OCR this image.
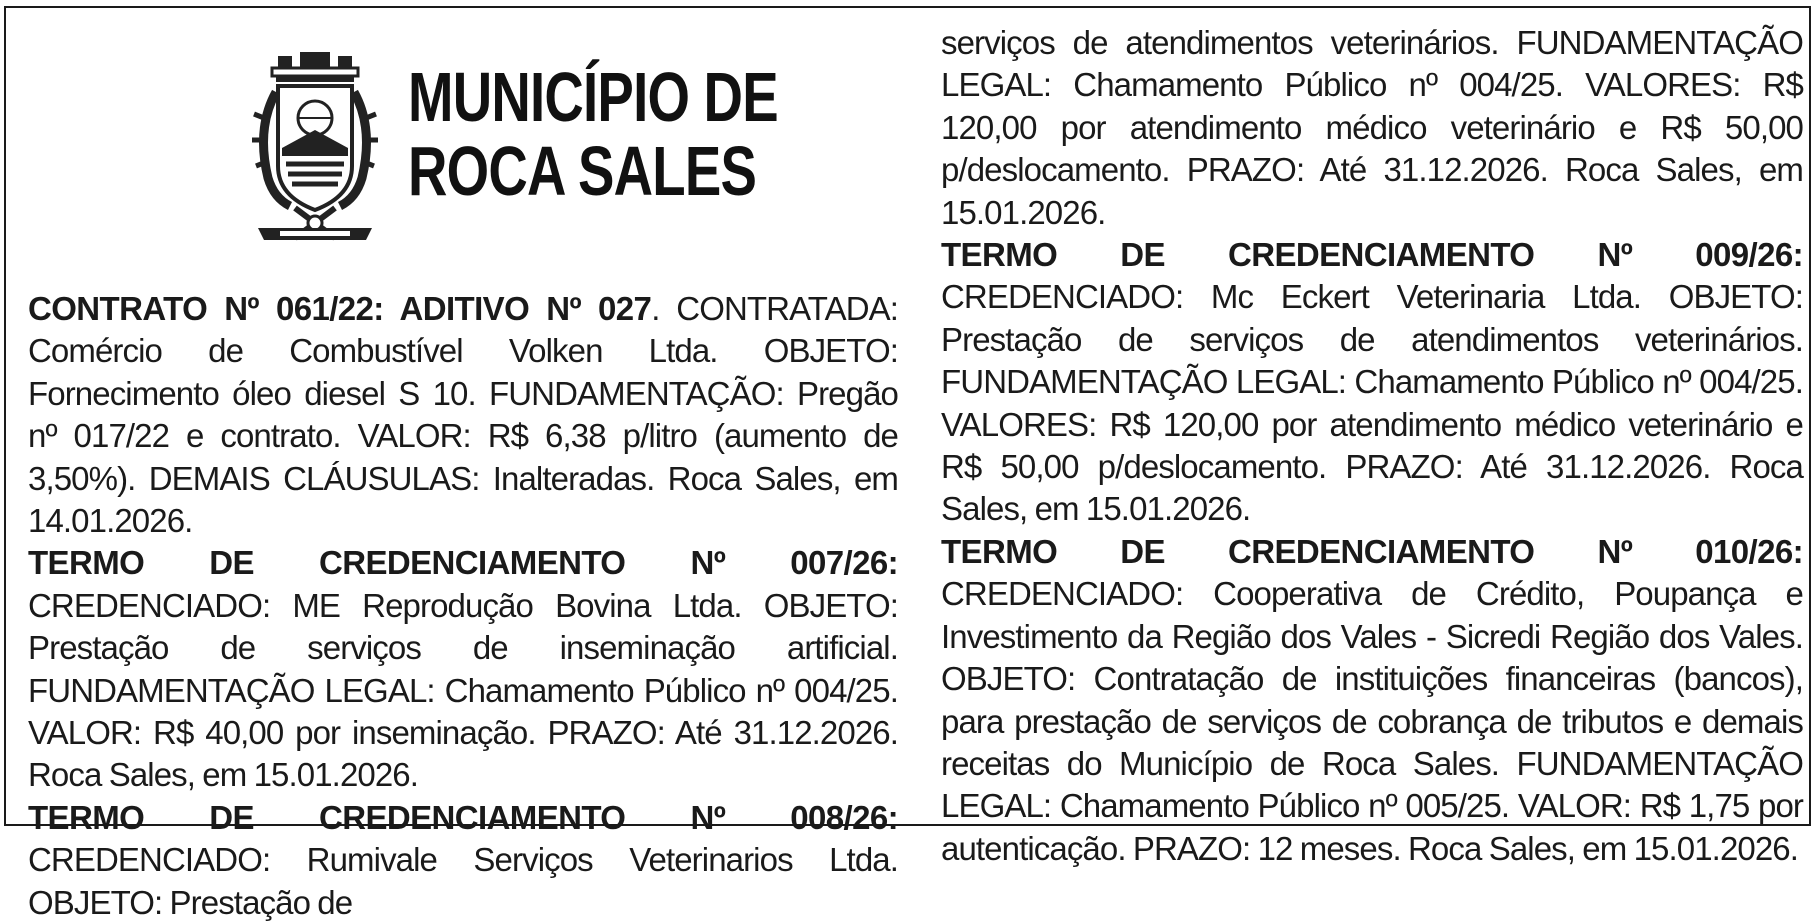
MUNICÍPIO DE
ROCA SALES

CONTRATO Nº 061/22: ADITIVO Nº 027. CONTRATADA: Comércio de Combustível Volken Ltda. OBJETO: Fornecimento óleo diesel S 10. FUNDAMENTAÇÃO: Pregão nº 017/22 e contrato. VALOR: R$ 6,38 p/litro (aumento de 3,50%). DEMAIS CLÁUSULAS: Inalteradas. Roca Sales, em 14.01.2026.

TERMO DE CREDENCIAMENTO Nº 007/26: CREDENCIADO: ME Reprodução Bovina Ltda. OBJETO: Prestação de serviços de inseminação artificial. FUNDAMENTAÇÃO LEGAL: Chamamento Público nº 004/25. VALOR: R$ 40,00 por inseminação. PRAZO: Até 31.12.2026. Roca Sales, em 15.01.2026.

TERMO DE CREDENCIAMENTO Nº 008/26: CREDENCIADO: Rumivale Serviços Veterinarios Ltda. OBJETO: Prestação de

serviços de atendimentos veterinários. FUNDAMENTAÇÃO LEGAL: Chamamento Público nº 004/25. VALORES: R$ 120,00 por atendimento médico veterinário e R$ 50,00 p/deslocamento. PRAZO: Até 31.12.2026. Roca Sales, em 15.01.2026.

TERMO DE CREDENCIAMENTO Nº 009/26: CREDENCIADO: Mc Eckert Veterinaria Ltda. OBJETO: Prestação de serviços de atendimentos veterinários. FUNDAMENTAÇÃO LEGAL: Chamamento Público nº 004/25. VALORES: R$ 120,00 por atendimento médico veterinário e R$ 50,00 p/deslocamento. PRAZO: Até 31.12.2026. Roca Sales, em 15.01.2026.

TERMO DE CREDENCIAMENTO Nº 010/26: CREDENCIADO: Cooperativa de Crédito, Poupança e Investimento da Região dos Vales - Sicredi Região dos Vales. OBJETO: Contratação de instituições financeiras (bancos), para prestação de serviços de cobrança de tributos e demais receitas do Município de Roca Sales. FUNDAMENTAÇÃO LEGAL: Chamamento Público nº 005/25. VALOR: R$ 1,75 por autenticação. PRAZO: 12 meses. Roca Sales, em 15.01.2026.
